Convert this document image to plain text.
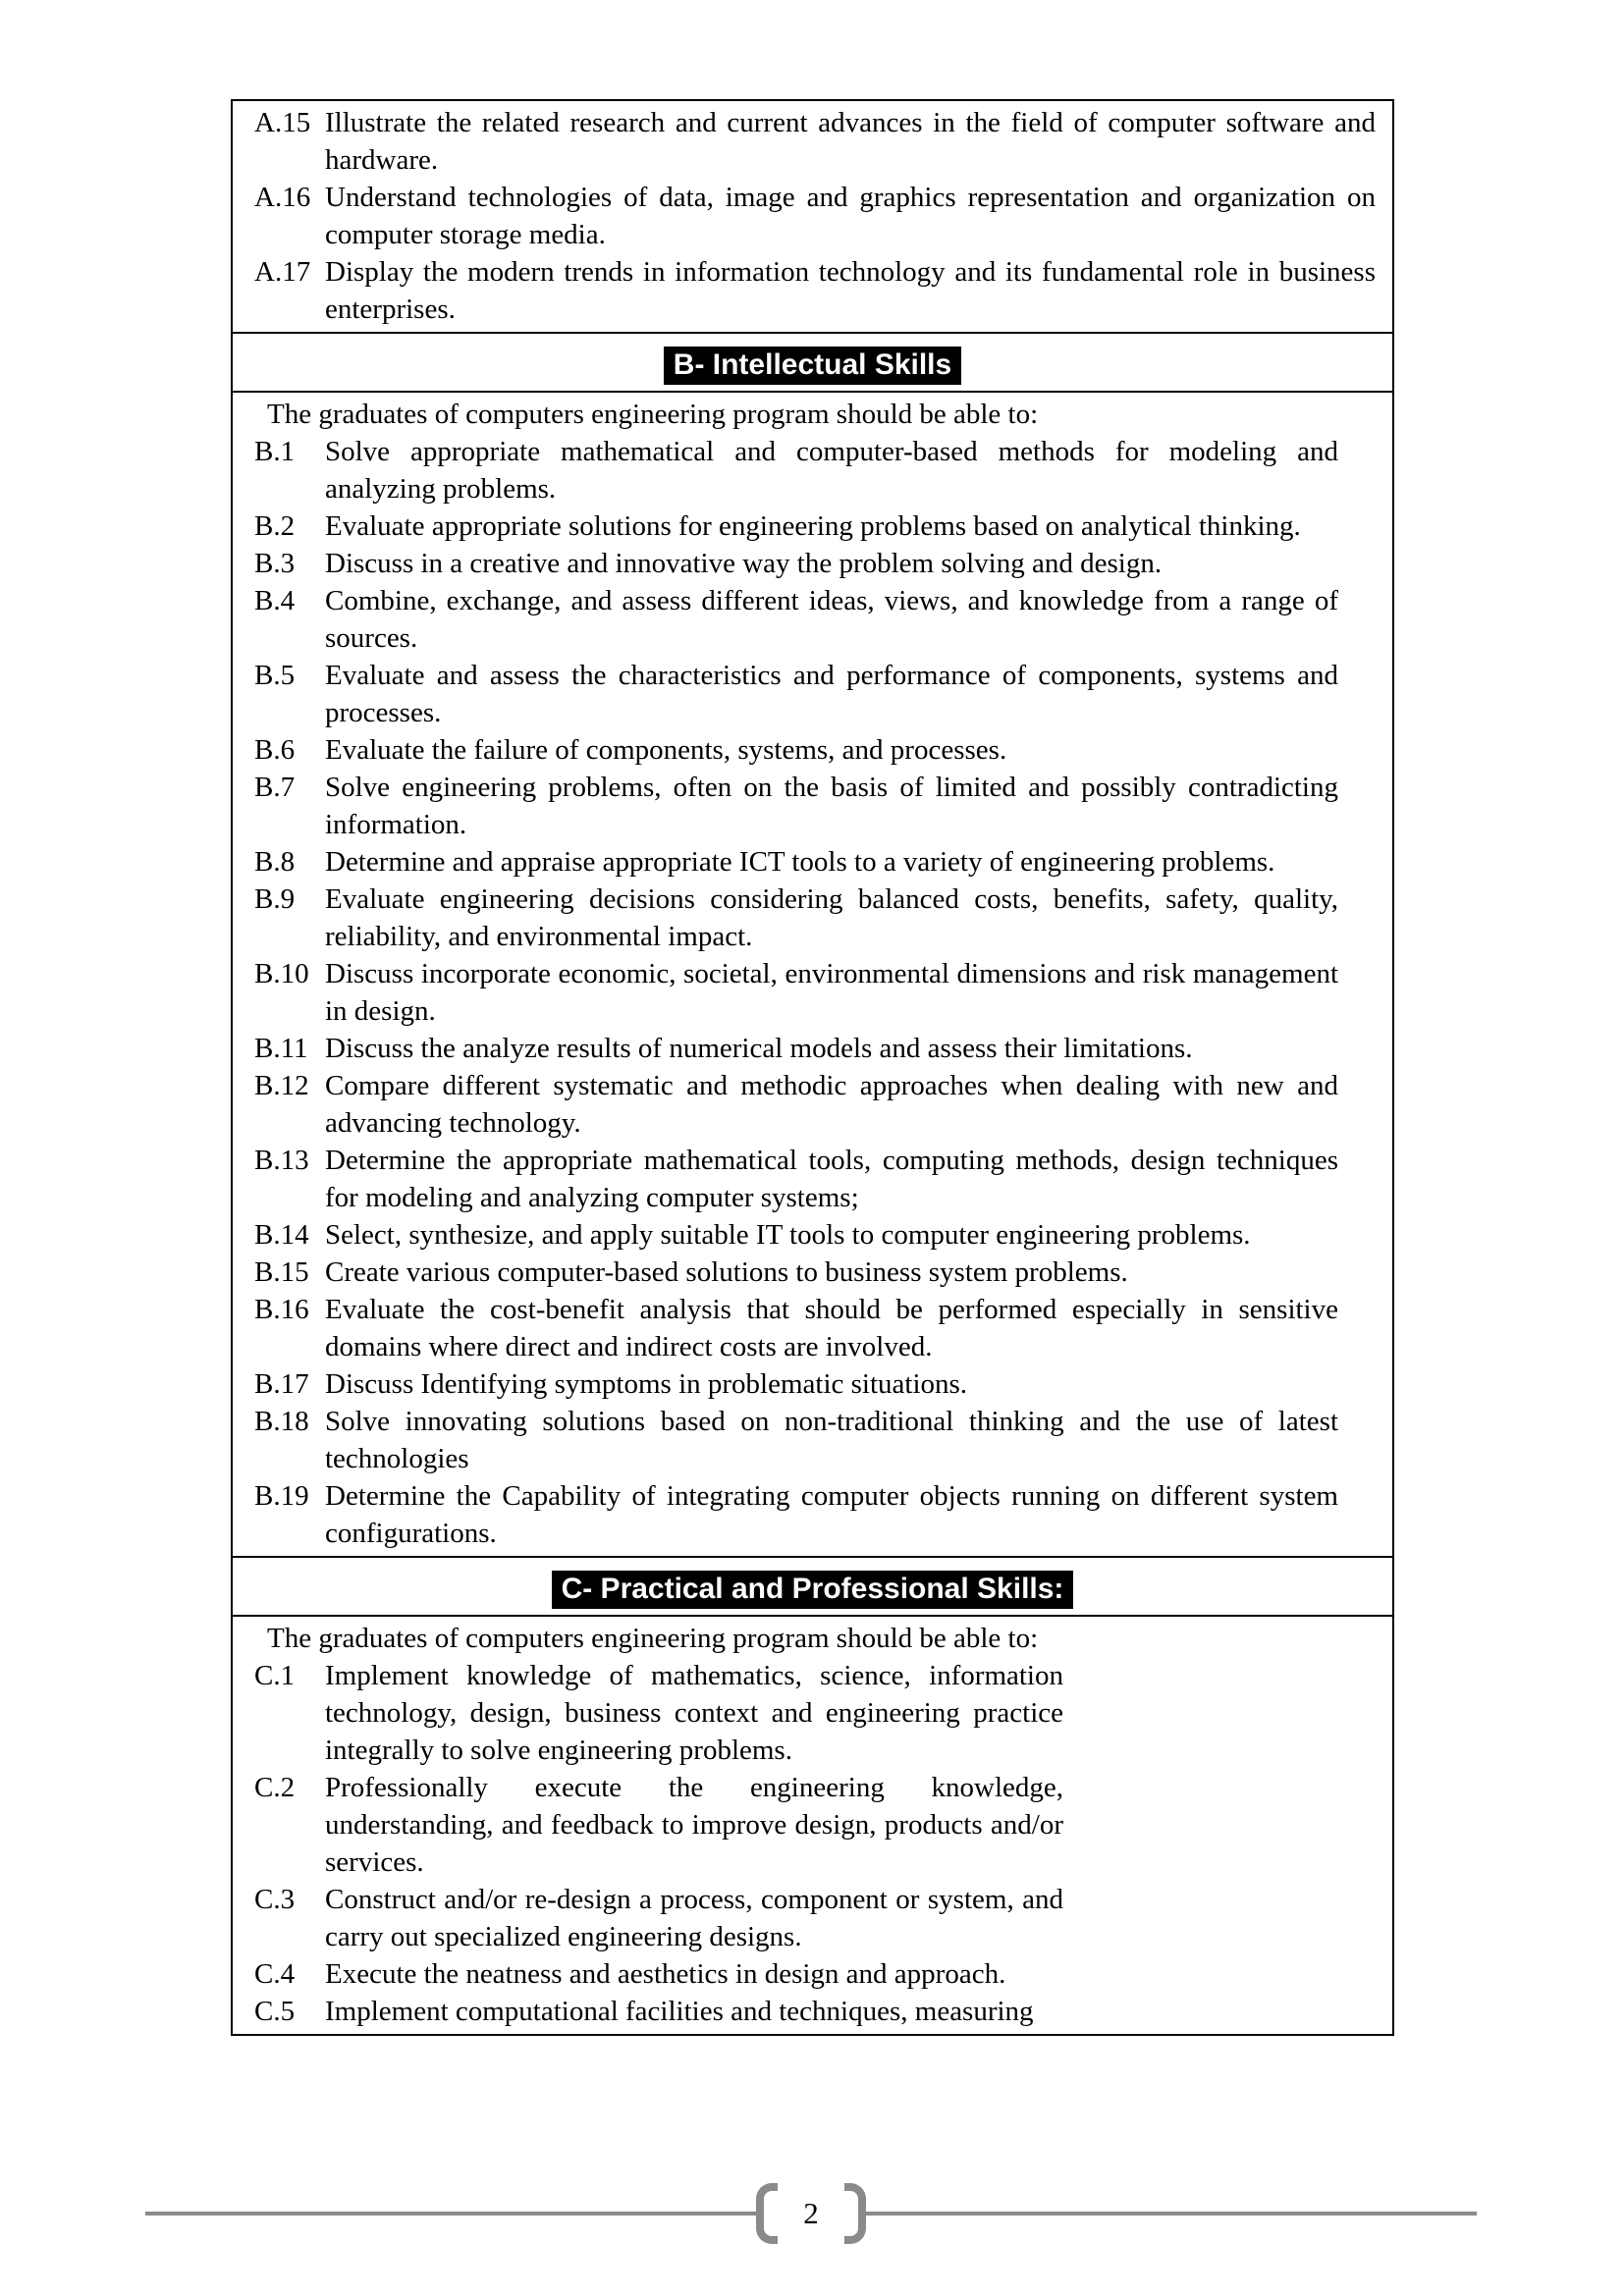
A.15 Illustrate the related research and current advances in the field of computer software and hardware.
A.16 Understand technologies of data, image and graphics representation and organization on computer storage media.
A.17 Display the modern trends in information technology and its fundamental role in business enterprises.
B- Intellectual Skills

The graduates of computers engineering program should be able to:

B.1	Solve appropriate mathematical and computer-based methods for modeling and analyzing problems.
B.2	Evaluate appropriate solutions for engineering problems based on analytical thinking.
B.3	Discuss in a creative and innovative way the problem solving and design.
B.4	Combine, exchange, and assess different ideas, views, and knowledge from a range of sources.
B.5	Evaluate and assess the characteristics and performance of components, systems and processes.
B.6	Evaluate the failure of components, systems, and processes.
B.7	Solve engineering problems, often on the basis of limited and possibly contradicting information.
B.8	Determine and appraise appropriate ICT tools to a variety of engineering problems.
B.9	Evaluate engineering decisions considering balanced costs, benefits, safety, quality, reliability, and environmental impact.
B.10 Discuss incorporate economic, societal, environmental dimensions and risk management in design.
B.11 Discuss the analyze results of numerical models and assess their limitations.
B.12 Compare different systematic and methodic approaches when dealing with new and advancing technology.
B.13 Determine the appropriate mathematical tools, computing methods, design techniques for modeling and analyzing computer systems;
B.14 Select, synthesize, and apply suitable IT tools to computer engineering problems.
B.15 Create various computer-based solutions to business system problems.
B.16 Evaluate the cost-benefit analysis that should be performed especially in sensitive domains where direct and indirect costs are involved.
B.17 Discuss Identifying symptoms in problematic situations.
B.18 Solve innovating solutions based on non-traditional thinking and the use of latest technologies
B.19 Determine the Capability of integrating computer objects running on different system configurations.
C- Practical and Professional Skills:

The graduates of computers engineering program should be able to:

C.1	Implement knowledge of mathematics, science, information technology, design, business context and engineering practice integrally to solve engineering problems.
C.2	Professionally execute the engineering knowledge, understanding, and feedback to improve design, products and/or services.
C.3	Construct and/or re-design a process, component or system, and carry out specialized engineering designs.
C.4	Execute the neatness and aesthetics in design and approach.
C.5	Implement computational facilities and techniques, measuring
2
